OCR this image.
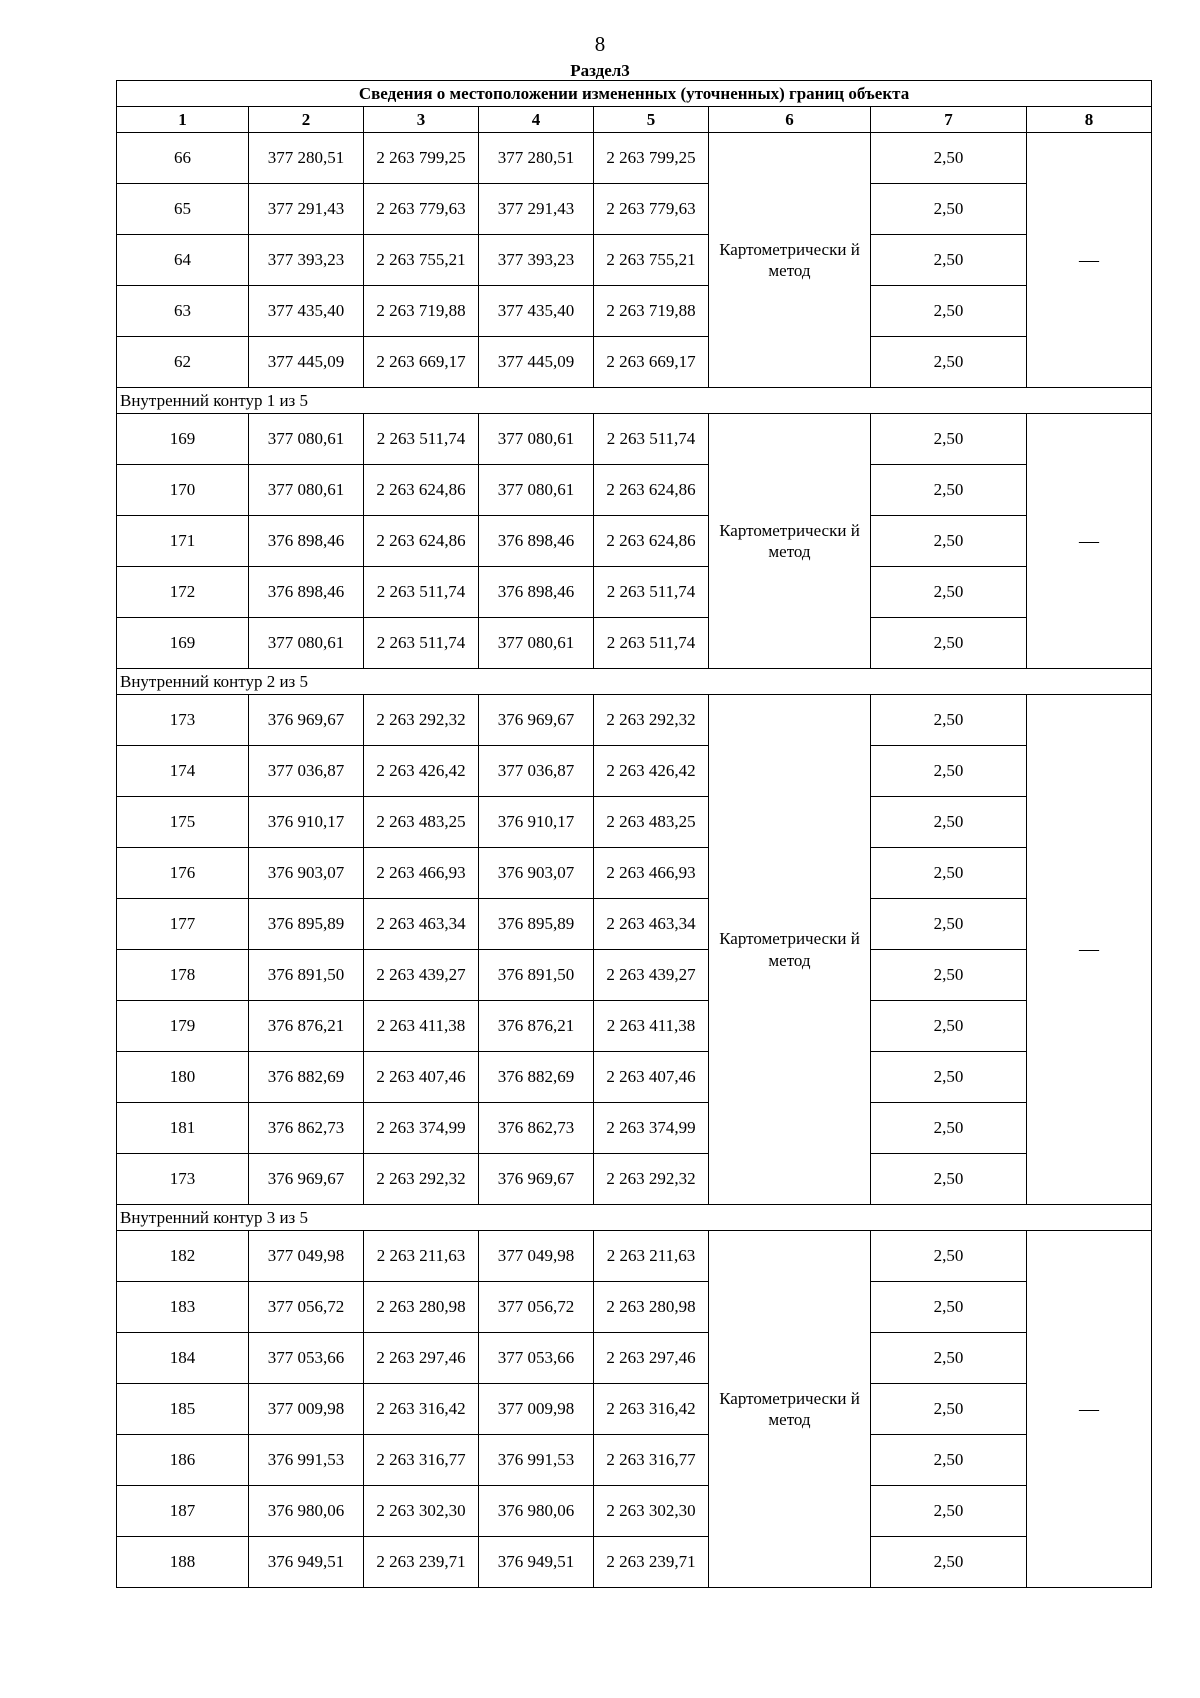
8
Раздел3
Сведения о местоположении измененных (уточненных) границ объекта							
1	2	3	4	5	6	7	8
66	377 280,51	2 263 799,25	377 280,51	2 263 799,25	Картометрически й метод	2,50	—
65	377 291,43	2 263 779,63	377 291,43	2 263 779,63		2,50	
64	377 393,23	2 263 755,21	377 393,23	2 263 755,21		2,50	
63	377 435,40	2 263 719,88	377 435,40	2 263 719,88		2,50	
62	377 445,09	2 263 669,17	377 445,09	2 263 669,17		2,50	
Внутренний контур 1 из 5							
169	377 080,61	2 263 511,74	377 080,61	2 263 511,74	Картометрически й метод	2,50	—
170	377 080,61	2 263 624,86	377 080,61	2 263 624,86		2,50	
171	376 898,46	2 263 624,86	376 898,46	2 263 624,86		2,50	
172	376 898,46	2 263 511,74	376 898,46	2 263 511,74		2,50	
169	377 080,61	2 263 511,74	377 080,61	2 263 511,74		2,50	
Внутренний контур 2 из 5							
173	376 969,67	2 263 292,32	376 969,67	2 263 292,32	Картометрически й метод	2,50	—
174	377 036,87	2 263 426,42	377 036,87	2 263 426,42		2,50	
175	376 910,17	2 263 483,25	376 910,17	2 263 483,25		2,50	
176	376 903,07	2 263 466,93	376 903,07	2 263 466,93		2,50	
177	376 895,89	2 263 463,34	376 895,89	2 263 463,34		2,50	
178	376 891,50	2 263 439,27	376 891,50	2 263 439,27		2,50	
179	376 876,21	2 263 411,38	376 876,21	2 263 411,38		2,50	
180	376 882,69	2 263 407,46	376 882,69	2 263 407,46		2,50	
181	376 862,73	2 263 374,99	376 862,73	2 263 374,99		2,50	
173	376 969,67	2 263 292,32	376 969,67	2 263 292,32		2,50	
Внутренний контур 3 из 5							
182	377 049,98	2 263 211,63	377 049,98	2 263 211,63	Картометрически й метод	2,50	—
183	377 056,72	2 263 280,98	377 056,72	2 263 280,98		2,50	
184	377 053,66	2 263 297,46	377 053,66	2 263 297,46		2,50	
185	377 009,98	2 263 316,42	377 009,98	2 263 316,42		2,50	
186	376 991,53	2 263 316,77	376 991,53	2 263 316,77		2,50	
187	376 980,06	2 263 302,30	376 980,06	2 263 302,30		2,50	
188	376 949,51	2 263 239,71	376 949,51	2 263 239,71		2,50	
